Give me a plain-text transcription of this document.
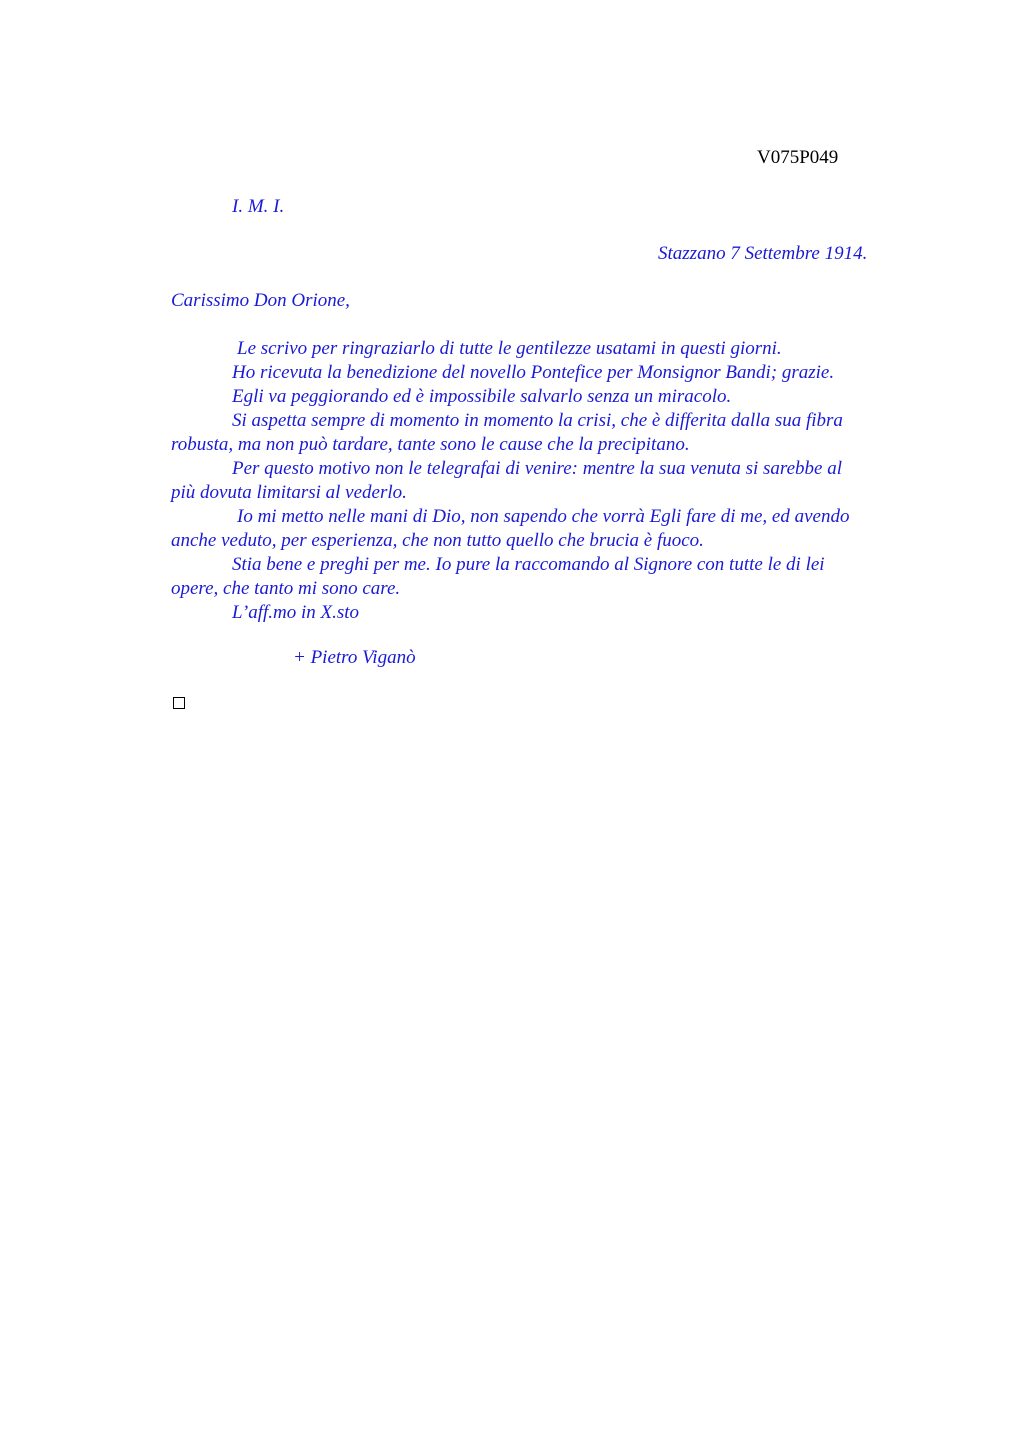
V075P049
I. M. I.
Stazzano 7 Settembre 1914.
Carissimo Don Orione,
Le scrivo per ringraziarlo di tutte le gentilezze usatami in questi giorni.
Ho ricevuta la benedizione del novello Pontefice per Monsignor Bandi; grazie.
Egli va peggiorando ed è impossibile salvarlo senza un miracolo.
Si aspetta sempre di momento in momento la crisi, che è differita dalla sua fibra
robusta, ma non può tardare, tante sono le cause che la precipitano.
Per questo motivo non le telegrafai di venire: mentre la sua venuta si sarebbe al
più dovuta limitarsi al vederlo.
Io mi metto nelle mani di Dio, non sapendo che vorrà Egli fare di me, ed avendo
anche veduto, per esperienza, che non tutto quello che brucia è fuoco.
Stia bene e preghi per me. Io pure la raccomando al Signore con tutte le di lei
opere, che tanto mi sono care.
L’aff.mo in X.sto
+ Pietro Viganò
